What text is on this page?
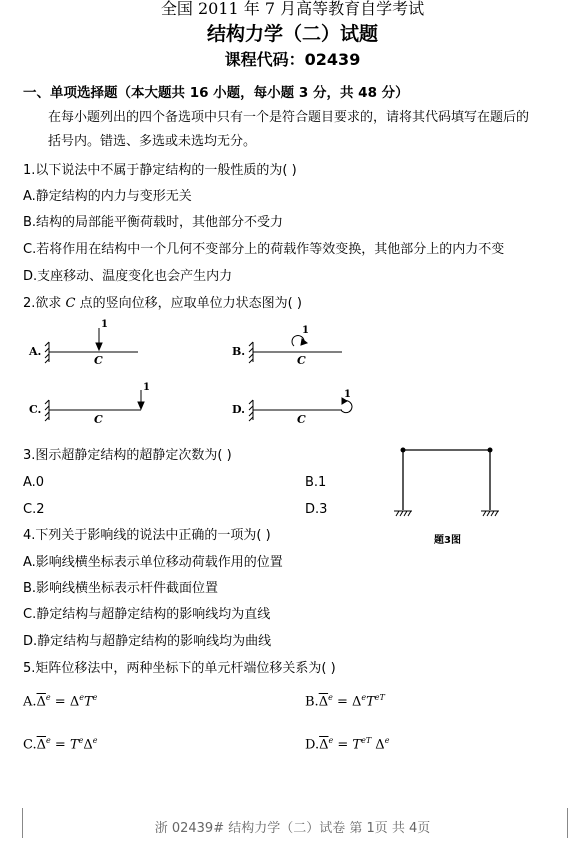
全国 2011 年 7 月高等教育自学考试
结构力学（二）试题
课程代码：02439
一、单项选择题（本大题共 16 小题，每小题 3 分，共 48 分）
在每小题列出的四个备选项中只有一个是符合题目要求的，请将其代码填写在题后的
括号内。错选、多选或未选均无分。
1.以下说法中不属于静定结构的一般性质的为( )
A.静定结构的内力与变形无关
B.结构的局部能平衡荷载时，其他部分不受力
C.若将作用在结构中一个几何不变部分上的荷载作等效变换，其他部分上的内力不变
D.支座移动、温度变化也会产生内力
2.欲求 C 点的竖向位移，应取单位力状态图为( )
A.	B.
C.	D.
1
1
1
1
C	C
C	C
3.图示超静定结构的超静定次数为( )
A.0	B.1
C.2	D.3
题3图
4.下列关于影响线的说法中正确的一项为( )
A.影响线横坐标表示单位移动荷载作用的位置
B.影响线横坐标表示杆件截面位置
C.静定结构与超静定结构的影响线均为直线
D.静定结构与超静定结构的影响线均为曲线
5.矩阵位移法中，两种坐标下的单元杆端位移关系为( )
$A.\overline{\Delta}^e = \Delta^eT^e$	$B.\overline{\Delta}^e = \Delta^eT^{eT}$
$C.\overline{\Delta}^e = T^e\Delta^e$	$D.\overline{\Delta}^e = T^{eT}$ $\Delta^e$
浙 02439# 结构力学（二）试卷 第 1页 共 4页
